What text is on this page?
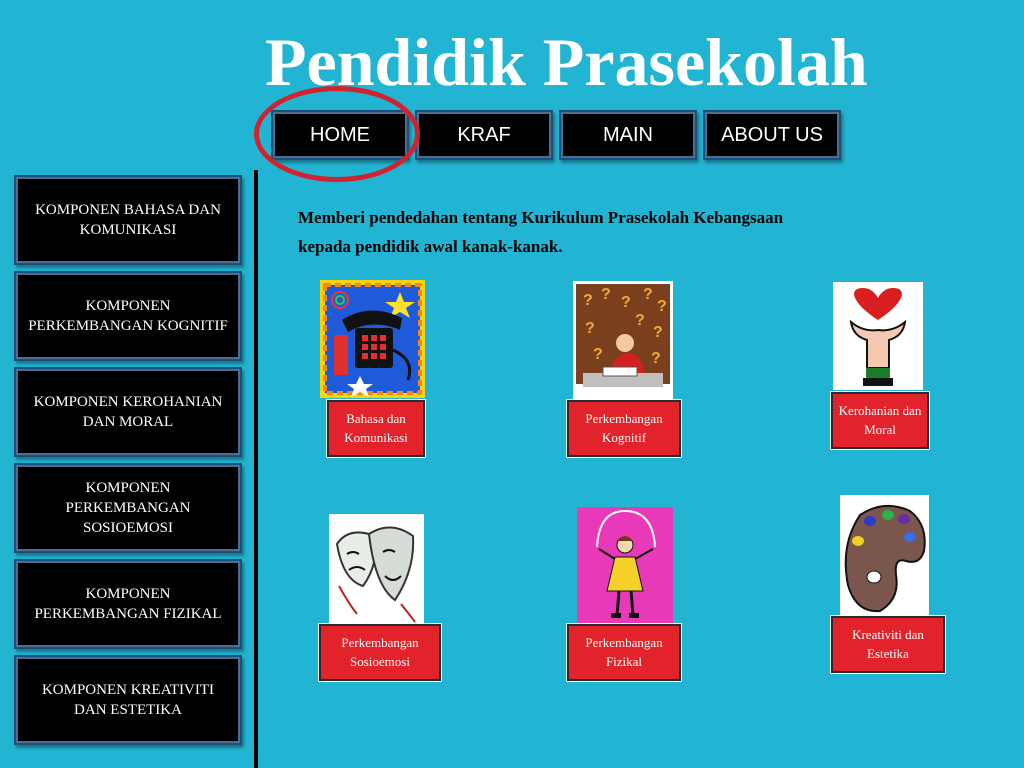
Pendidik Prasekolah
HOME	KRAF	MAIN	ABOUT US
KOMPONEN BAHASA DAN KOMUNIKASI
KOMPONEN PERKEMBANGAN KOGNITIF
KOMPONEN KEROHANIAN DAN MORAL
KOMPONEN PERKEMBANGAN SOSIOEMOSI
KOMPONEN PERKEMBANGAN FIZIKAL
KOMPONEN KREATIVITI DAN ESTETIKA
Memberi pendedahan tentang Kurikulum Prasekolah Kebangsaan
kepada pendidik awal kanak-kanak.
Bahasa dan Komunikasi
? ? ? ?
?
?	?
?	?
?
Perkembangan Kognitif
Kerohanian dan Moral
Perkembangan Sosioemosi
Perkembangan Fizikal
Kreativiti dan Estetika
